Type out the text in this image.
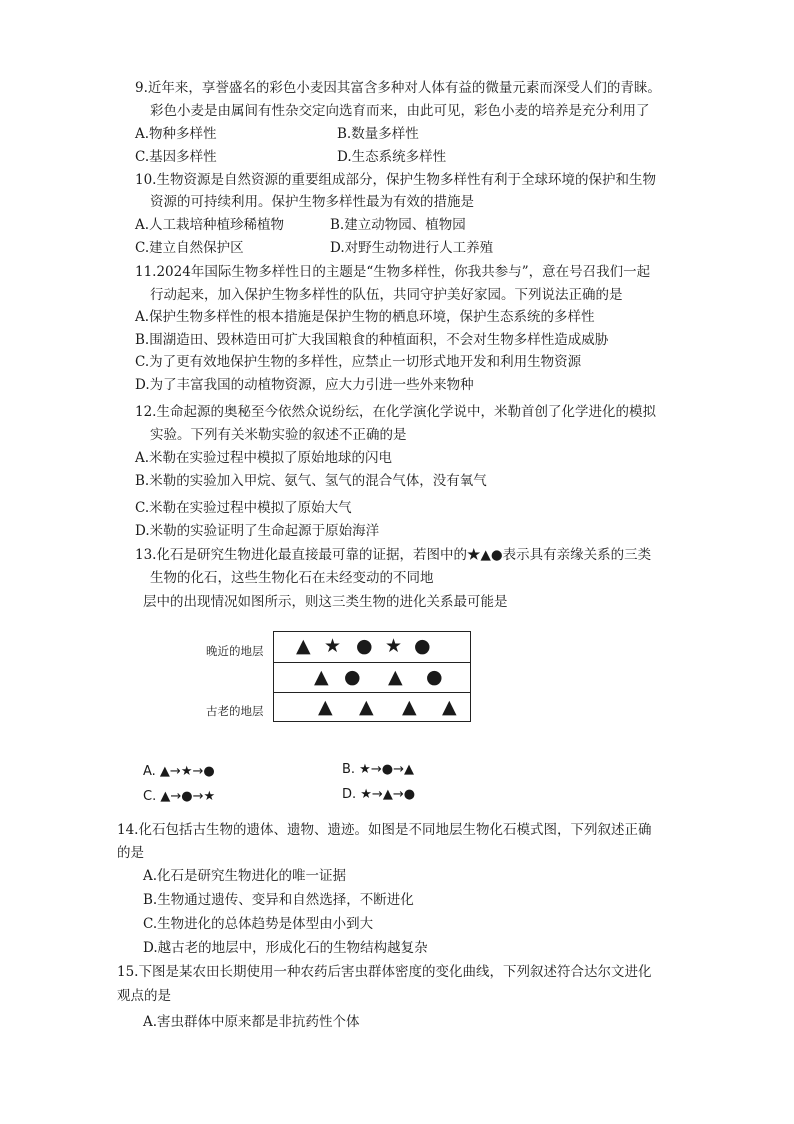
9.近年来，享誉盛名的彩色小麦因其富含多种对人体有益的微量元素而深受人们的青睐。
彩色小麦是由属间有性杂交定向选育而来，由此可见，彩色小麦的培养是充分利用了
A.物种多样性	B.数量多样性
C.基因多样性	D.生态系统多样性
10.生物资源是自然资源的重要组成部分，保护生物多样性有利于全球环境的保护和生物
资源的可持续利用。保护生物多样性最为有效的措施是
A.人工栽培种植珍稀植物	B.建立动物园、植物园
C.建立自然保护区	D.对野生动物进行人工养殖
11.2024年国际生物多样性日的主题是“生物多样性，你我共参与”，意在号召我们一起
行动起来，加入保护生物多样性的队伍，共同守护美好家园。下列说法正确的是
A.保护生物多样性的根本措施是保护生物的栖息环境，保护生态系统的多样性
B.围湖造田、毁林造田可扩大我国粮食的种植面积，不会对生物多样性造成威胁
C.为了更有效地保护生物的多样性，应禁止一切形式地开发和利用生物资源
D.为了丰富我国的动植物资源，应大力引进一些外来物种
12.生命起源的奥秘至今依然众说纷纭，在化学演化学说中，米勒首创了化学进化的模拟
实验。下列有关米勒实验的叙述不正确的是
A.米勒在实验过程中模拟了原始地球的闪电
B.米勒的实验加入甲烷、氨气、氢气的混合气体，没有氧气
C.米勒在实验过程中模拟了原始大气
D.米勒的实验证明了生命起源于原始海洋
13.化石是研究生物进化最直接最可靠的证据，若图中的★▲●表示具有亲缘关系的三类
生物的化石，这些生物化石在未经变动的不同地
层中的出现情况如图所示，则这三类生物的进化关系最可能是
晚近的地层
古老的地层
▲ ★ ● ★ ●
▲ ● ▲ ●
▲ ▲ ▲ ▲
A. ▲→★→●	B. ★→●→▲
C. ▲→●→★	D. ★→▲→●
14.化石包括古生物的遗体、遗物、遗迹。如图是不同地层生物化石模式图，下列叙述正确
的是
A.化石是研究生物进化的唯一证据
B.生物通过遗传、变异和自然选择，不断进化
C.生物进化的总体趋势是体型由小到大
D.越古老的地层中，形成化石的生物结构越复杂
15.下图是某农田长期使用一种农药后害虫群体密度的变化曲线，下列叙述符合达尔文进化
观点的是
A.害虫群体中原来都是非抗药性个体
